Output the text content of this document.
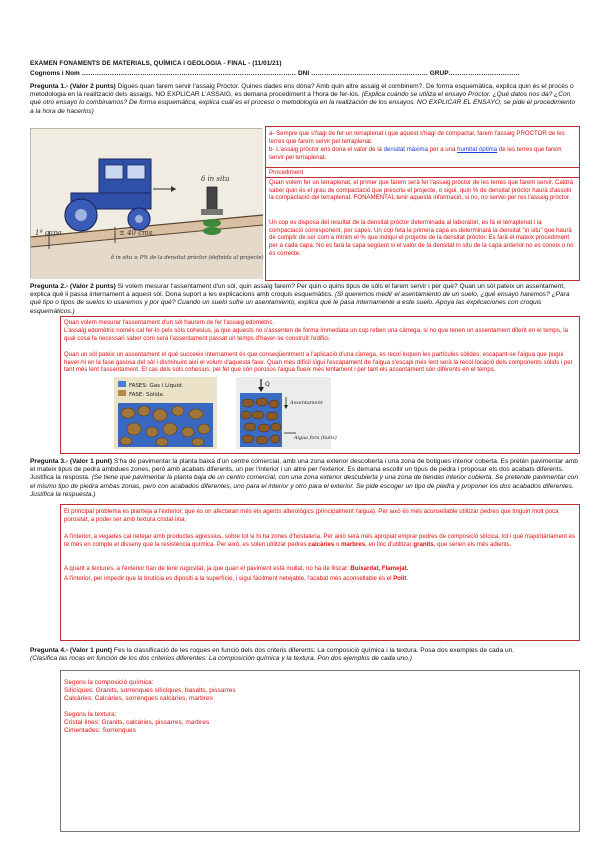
EXAMEN FONAMENTS DE MATERIALS, QUÍMICA I GEOLOGIA - FINAL - (11/01/21)
Cognoms i Nom ……………………………………………………………………………………… DNI ……………………………………………… GRUP……………………………
Pregunta 1.- (Valor 2 punts) Digues quan farem servir l'assaig Pròctor. Quines dades ens dóna? Amb quin altre assaig el combinem?. De forma esquemàtica, explica quin és el procés o metodologia en la realització dels assaigs. NO EXPLICAR L'ASSAIG, es demana procediment a l'hora de fer-los. (Explica cuándo se utiliza el ensayo Próctor. ¿Qué datos nos da? ¿Con qué otro ensayo lo combinamos? De forma esquemática, explica cuál es el proceso o metodología en la realización de los ensayos. NO EXPLICAR EL ENSAYO, se pide el procedimiento a la hora de hacerlos)
δ in situ
1ª capa	± 40 cms.
δ in situ ≥ P% de la densitat pròctor (definida al projecte)
a- Sempre que s'hagi de fer un terraplenat i que aquest s'hagi de compactar, farem l'assaig PROCTOR de les terres que farem servir pel terraplenat.
b- L'assaig pròctor ens dona el valor de la densitat màxima per a una humitat òptima de les terres que farem servir pel terraplenat.
Procediment
Quan volem fer un terraplenat, el primer que farem serà fer l'assaig pròctor de les terres que farem servir. Caldrà saber quin és el grau de compactació que prescriu el projecte, o sigui, quin % de densitat pròctor haurà d'assolir la compactació del terraplenat. FONAMENTAL tenir aquesta informació, si no, no servei per res l'assaig pròctor.
Un cop es disposa del resultat de la densitat pròctor determinada al laboratori, es fa el terraplenat i la compactació corresponent, per capes. Un cop feta la primera capa es determinarà la densitat "in situ" que haurà de complir de ser com a mínim el % que indiqui el projecte de la densitat pròctor. Es farà el mateix procediment per a cada capa. No es farà la capa següent si el valor de la densitat in situ de la capa anterior no es coneix o no és correcte.
Pregunta 2.- (Valor 2 punts) Si volem mesurar l'assentament d'un sòl, quin assaig farem? Per quin o quins tipus de sòls el farem servir i per què? Quan un sòl pateix un assentament, explica què li passa internament a aquest sòl. Dona suport a les explicacions amb croquis esquemàtics. (Si queremos medir el asentamiento de un suelo, ¿qué ensayo haremos? ¿Para qué tipo o tipos de suelos lo usaremos y por qué? Cuando un suelo sufre un asentamiento, explica qué le pasa internamente a este suelo. Apoya las explicaciones con croquis esquemáticos.)
Quan volem mesurar l'assentament d'un sòl haurem de fer l'assaig edomètric.
L'assaig edomètric només cal fer-lo pels sòls cohesius, ja que aquests no s'assenten de forma immediata un cop reben una càrrega, si no que tenen un assentament diferit en el temps, la qual cosa fa necessari saber com serà l'assentament passat un temps d'haver-se construït l'edifici.
Quan un sòl pateix un assentament el què succeeix internament és que conseqüentment a l'aplicació d'una càrrega, es recol·loquen les partícules sòlides, escapant-se l'aigua que pugui haver-hi en la fase gasosa del sòl i disminuint així el volum d'aquesta fase. Quan més difícil sigui l'escapament de l'aigua s'escapi més lent serà la recol·locació dels components sòlids i per tant més lent l'assentament. El cas dels sòls cohesius, pel fet que són porosos l'aigua flueix més lentament i per tant els assentament són diferents en el temps.
FASES: Gas i Líquid.
FASE: Sòlida.
Q
Assentament
Aigua fora (buits)
Pregunta 3.- (Valor 1 punt) S'ha de pavimentar la planta baixa d'un centre comercial, amb una zona exterior descoberta i una zona de botigues interior coberta. Es pretén pavimentar amb el mateix tipus de pedra ambdues zones, però amb acabats diferents, un per l'interior i un altre per l'exterior. Es demana escollir un tipus de pedra i proposar els dos acabats diferents. Justifica la resposta. (Se tiene que pavimentar la planta baja de un centro comercial, con una zona exterior descubierta y una zona de tiendas interior cubierta. Se pretende pavimentar con el mismo tipo de piedra ambas zonas, pero con acabados diferentes, uno para el interior y otro para el exterior. Se pide escoger un tipo de piedra y proponer los dos acabados diferentes. Justifica la respuesta.)
El principal problema es planteja a l'exterior, que és on afectaran més els agents alterològics (principalment l'aigua). Per això és més aconsellable utilitzar pedres que tinguin molt poca porositat, a poder ser amb textura cristal·lina.
A l'interior, a vegades cal netejar amb productes agressius, sobre tot si hi ha zones d'hostaleria. Per això serà més apropiat emprar pedres de composició silícica, tot i què majoritàriament es té més en compte el disseny que la resistència química. Per això, es solen utilitzar pedres calcàries o marbres, en lloc d'utilitzar granits, que serien els més adients.
A quant a textures, a l'exterior han de tenir rugositat, ja que quan el paviment està mullat, no ha de lliscar: Buixardat, Flamejat.
A l'interior, per impedir que la brutícia es dipositi a la superfície, i sigui fàcilment netejable, l'acabat més aconsellable és el Polit.
Pregunta 4.- (Valor 1 punt) Fes la classificació de les roques en funció dels dos criteris diferents: La composició química i la textura. Posa dos exemples de cada un.
(Clasifica las rocas en función de los dos criterios diferentes: La composición química y la textura. Pon dos ejemplos de cada uno.)
Segons la composició química:
Silícïques: Granits, sorrenques silíciques, basalts, pissarres
Calcàries: Calcàries, sorrenques calcàries, marbres
Segons la textura:
Cristal·lines: Granits, calcàries, pissarres, marbres
Cimentades: Sorrenques
